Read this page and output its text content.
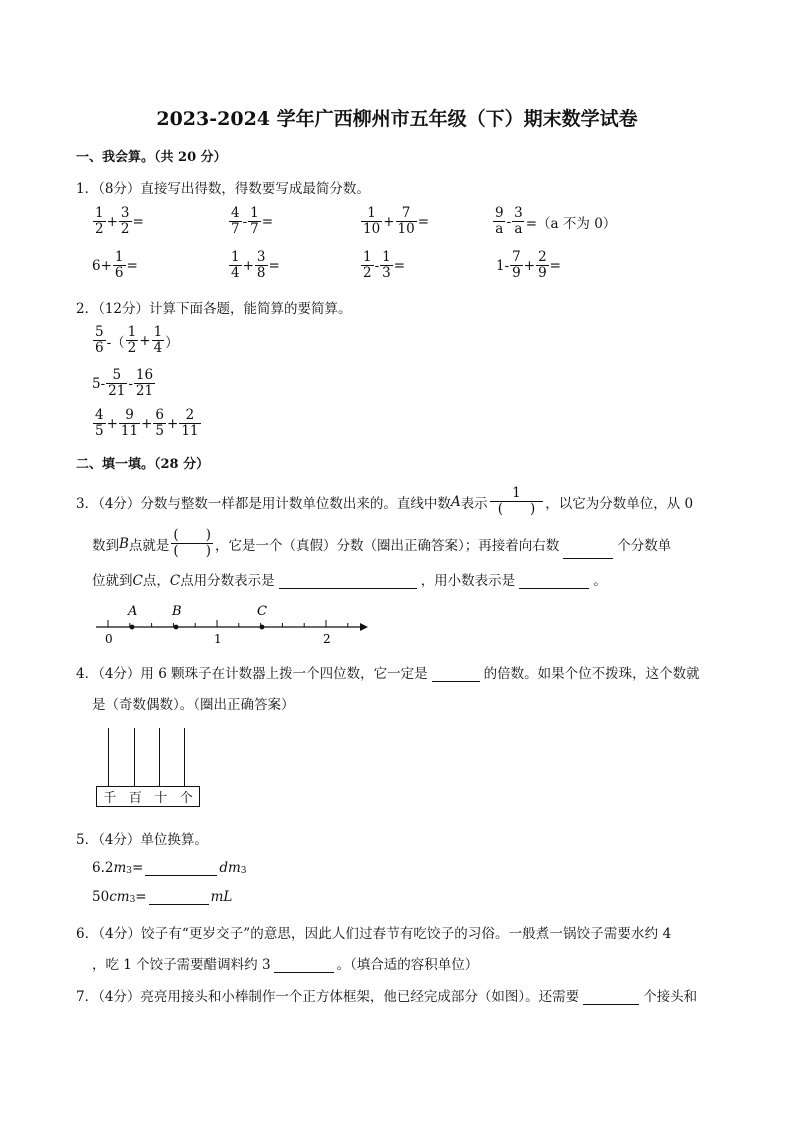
2023-2024 学年广西柳州市五年级（下）期末数学试卷
一、我会算。（共 20 分）
1．（8分）直接写出得数，得数要写成最简分数。
$\frac{1}{2} + \frac{3}{2}$ =	$\frac{4}{7} - \frac{1}{7}$ =	$\frac{1}{10} + \frac{7}{10}$ =	$\frac{9}{a} - \frac{3}{a} =(a$ 不为 0）
$6+ \frac{1}{6}$ =	$\frac{1}{4} + \frac{3}{8}$ =	$\frac{1}{2} - \frac{1}{3}$ =	$1- \frac{7}{9} + \frac{2}{9}$ =
2．（12分）计算下面各题，能简算的要简算。
$\frac{5}{6}$ -（ $\frac{1}{2} + \frac{1}{4}$ ）
$5- \frac{5}{21} - \frac{16}{21}$
$\frac{4}{5} + \frac{9}{11} + \frac{6}{5} + \frac{2}{11}$
二、填一填。（28 分）
3．（4分）分数与整数一样都是用计数单位数出来的。直线中数 A 表示 $\frac{1}{( )}$ ，以它为分数单位，从 0
数到 B 点就是 $\frac{( )}{( )}$ ，它是一个（真假）分数（圈出正确答案）；再接着向右数	个分数单
位就到 C 点， C 点用分数表示是	，用小数表示是	。
A	B	C
0	1	2
4．（4分）用 6 颗珠子在计数器上拨一个四位数，它一定是	的倍数。如果个位不拨珠，这个数就
是（奇数偶数）。（圈出正确答案）
千 百 十 个
5．（4分）单位换算。
6.2 $m_3$ =	$dm_3$
50 $cm_3$ =	mL
6．（4分）饺子有“更岁交子”的意思，因此人们过春节有吃饺子的习俗。一般煮一锅饺子需要水约 4
，吃 1 个饺子需要醋调料约 3	。（填合适的容积单位）
7．（4分）亮亮用接头和小棒制作一个正方体框架，他已经完成部分（如图）。还需要	个接头和
